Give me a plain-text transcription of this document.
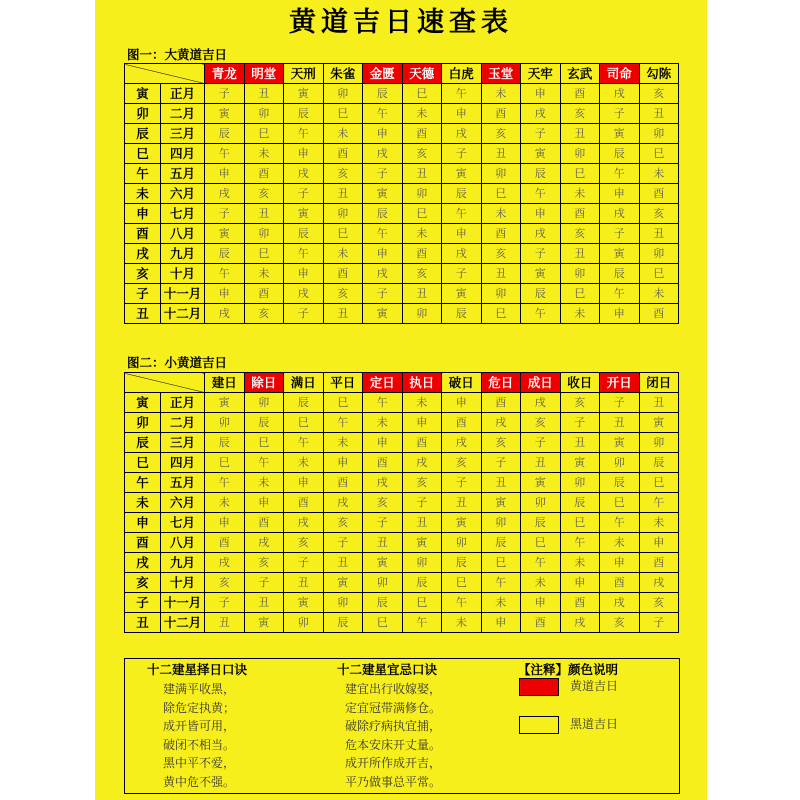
黄道吉日速查表
图一：大黄道吉日
		青龙	明堂	天刑	朱雀	金匮	天德	白虎	玉堂	天牢	玄武	司命	勾陈
寅	正月	子	丑	寅	卯	辰	巳	午	未	申	酉	戌	亥
卯	二月	寅	卯	辰	巳	午	未	申	酉	戌	亥	子	丑
辰	三月	辰	巳	午	未	申	酉	戌	亥	子	丑	寅	卯
巳	四月	午	未	申	酉	戌	亥	子	丑	寅	卯	辰	巳
午	五月	申	酉	戌	亥	子	丑	寅	卯	辰	巳	午	未
未	六月	戌	亥	子	丑	寅	卯	辰	巳	午	未	申	酉
申	七月	子	丑	寅	卯	辰	巳	午	未	申	酉	戌	亥
酉	八月	寅	卯	辰	巳	午	未	申	酉	戌	亥	子	丑
戌	九月	辰	巳	午	未	申	酉	戌	亥	子	丑	寅	卯
亥	十月	午	未	申	酉	戌	亥	子	丑	寅	卯	辰	巳
子	十一月	申	酉	戌	亥	子	丑	寅	卯	辰	巳	午	未
丑	十二月	戌	亥	子	丑	寅	卯	辰	巳	午	未	申	酉
图二：小黄道吉日
		建日	除日	满日	平日	定日	执日	破日	危日	成日	收日	开日	闭日
寅	正月	寅	卯	辰	巳	午	未	申	酉	戌	亥	子	丑
卯	二月	卯	辰	巳	午	未	申	酉	戌	亥	子	丑	寅
辰	三月	辰	巳	午	未	申	酉	戌	亥	子	丑	寅	卯
巳	四月	巳	午	未	申	酉	戌	亥	子	丑	寅	卯	辰
午	五月	午	未	申	酉	戌	亥	子	丑	寅	卯	辰	巳
未	六月	未	申	酉	戌	亥	子	丑	寅	卯	辰	巳	午
申	七月	申	酉	戌	亥	子	丑	寅	卯	辰	巳	午	未
酉	八月	酉	戌	亥	子	丑	寅	卯	辰	巳	午	未	申
戌	九月	戌	亥	子	丑	寅	卯	辰	巳	午	未	申	酉
亥	十月	亥	子	丑	寅	卯	辰	巳	午	未	申	酉	戌
子	十一月	子	丑	寅	卯	辰	巳	午	未	申	酉	戌	亥
丑	十二月	丑	寅	卯	辰	巳	午	未	申	酉	戌	亥	子
十二建星择日口诀
建满平收黑，
除危定执黄；
成开皆可用，
破闭不相当。
黑中平不爱，
黄中危不强。
十二建星宜忌口诀
建宜出行收嫁娶，
定宜冠带满修仓。
破除疗病执宜捕，
危本安床开丈量。
成开所作成开吉，
平乃做事总平常。
【注释】颜色说明
黄道吉日
黑道吉日
